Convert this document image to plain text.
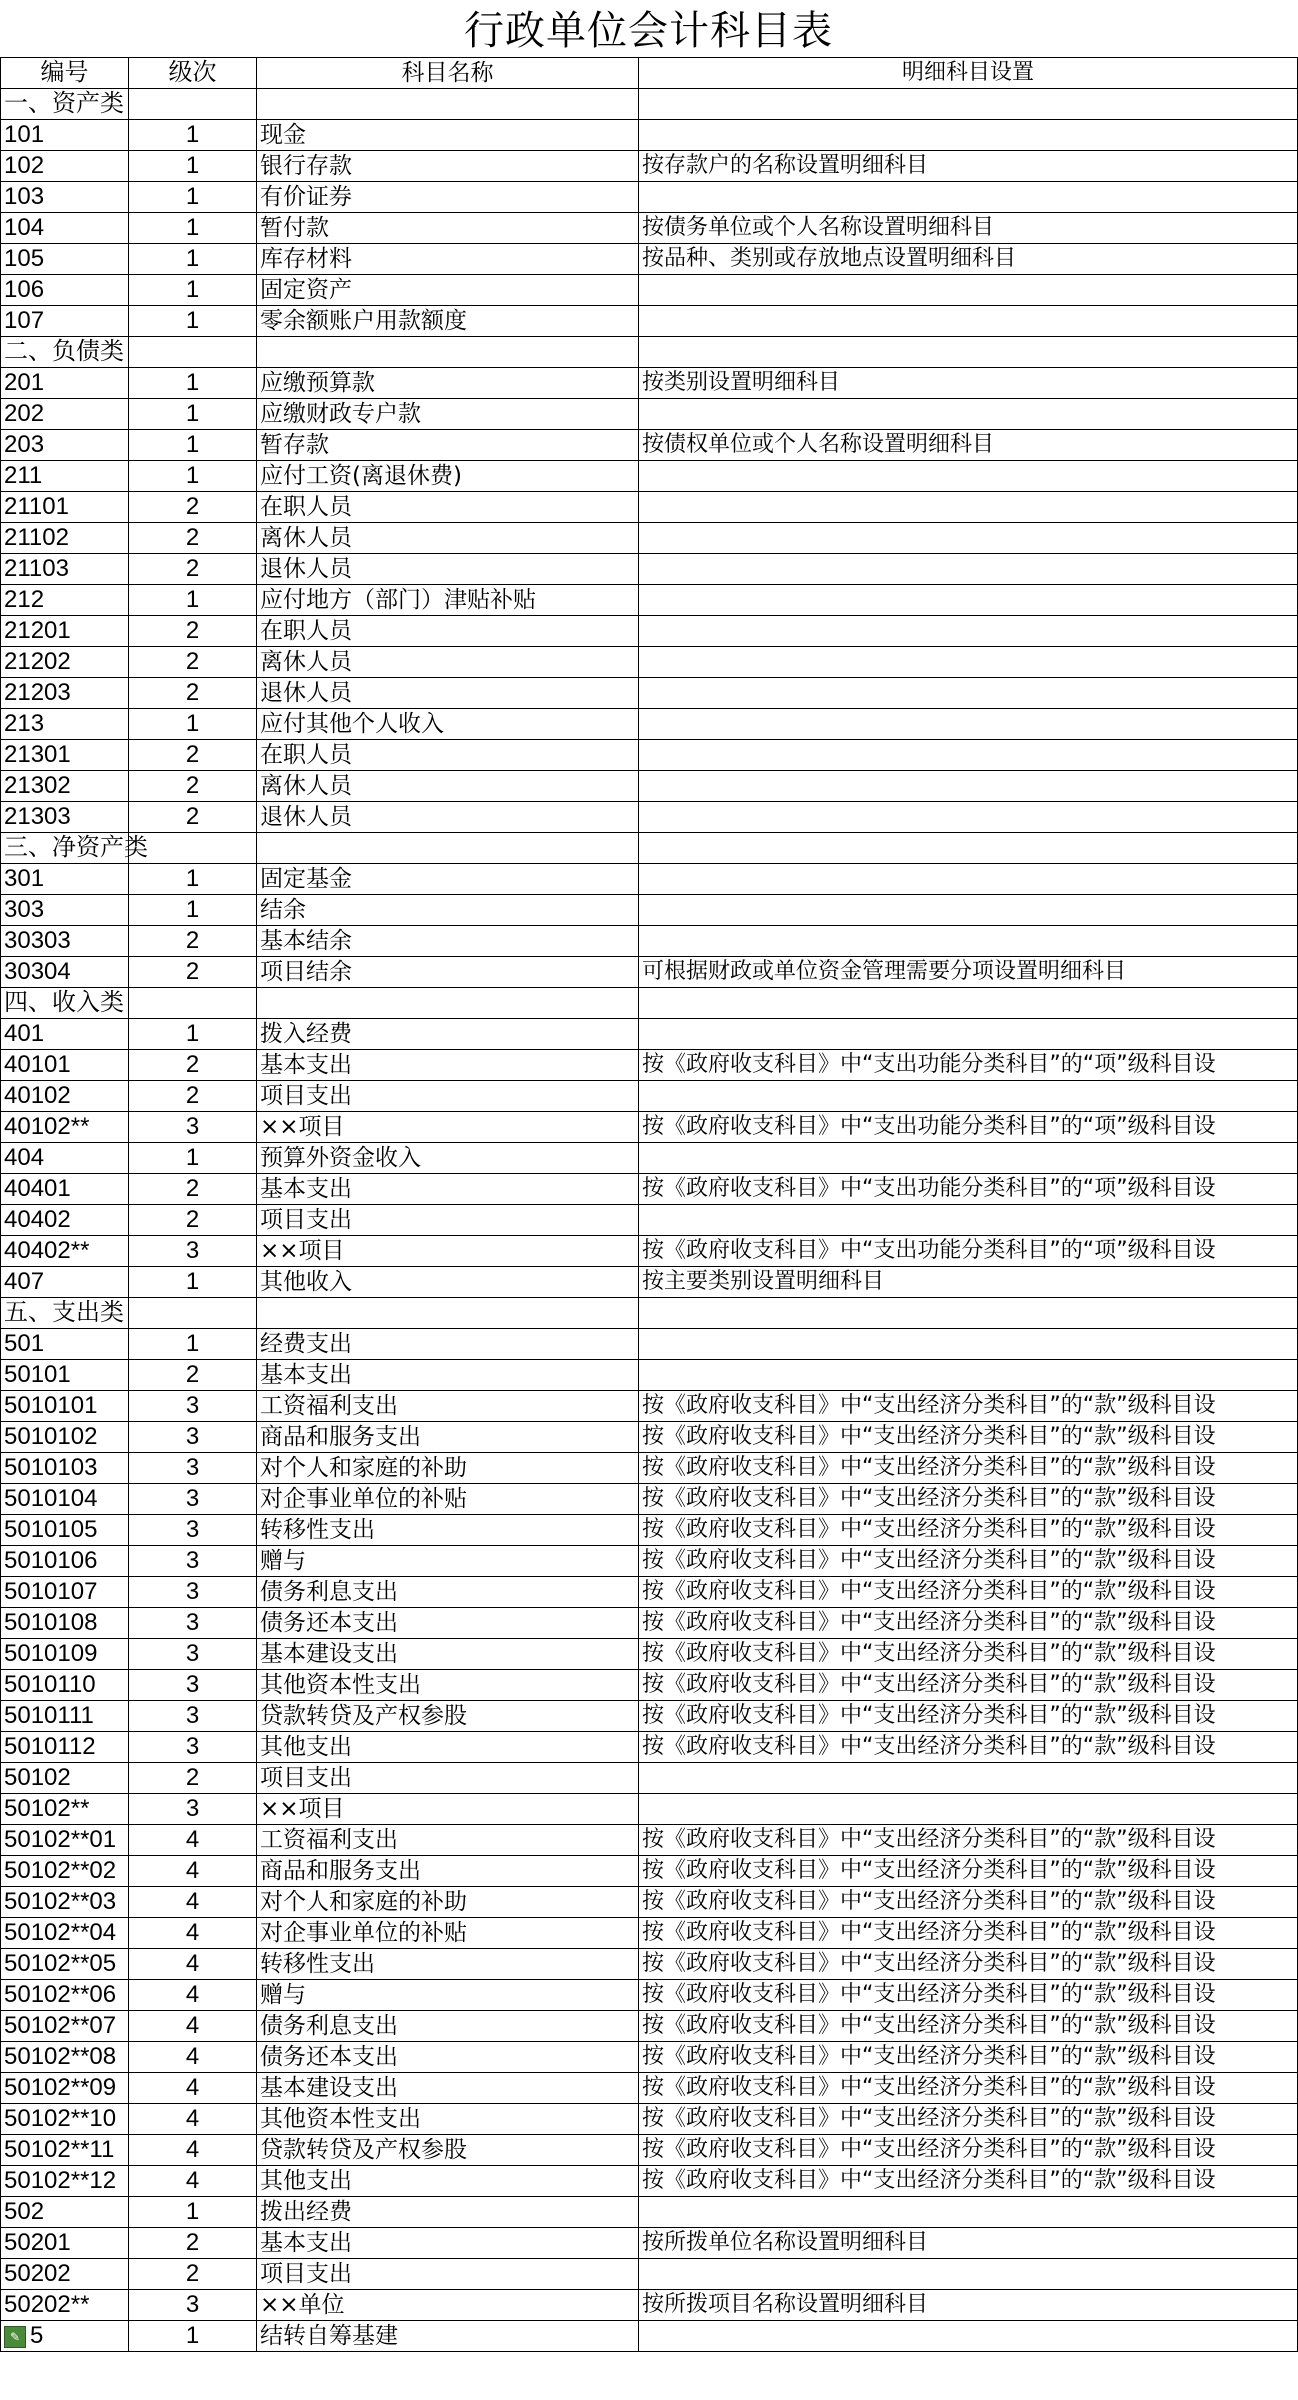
行政单位会计科目表
编号	级次	科目名称	明细科目设置
一、资产类			
101	1	现金	
102	1	银行存款	按存款户的名称设置明细科目
103	1	有价证券	
104	1	暂付款	按债务单位或个人名称设置明细科目
105	1	库存材料	按品种、类别或存放地点设置明细科目
106	1	固定资产	
107	1	零余额账户用款额度	
二、负债类			
201	1	应缴预算款	按类别设置明细科目
202	1	应缴财政专户款	
203	1	暂存款	按债权单位或个人名称设置明细科目
211	1	应付工资(离退休费)	
21101	2	在职人员	
21102	2	离休人员	
21103	2	退休人员	
212	1	应付地方（部门）津贴补贴	
21201	2	在职人员	
21202	2	离休人员	
21203	2	退休人员	
213	1	应付其他个人收入	
21301	2	在职人员	
21302	2	离休人员	
21303	2	退休人员	
三、净资产类			
301	1	固定基金	
303	1	结余	
30303	2	基本结余	
30304	2	项目结余	可根据财政或单位资金管理需要分项设置明细科目
四、收入类			
401	1	拨入经费	
40101	2	基本支出	按《政府收支科目》中“支出功能分类科目”的“项”级科目设
40102	2	项目支出	
40102**	3	××项目	按《政府收支科目》中“支出功能分类科目”的“项”级科目设
404	1	预算外资金收入	
40401	2	基本支出	按《政府收支科目》中“支出功能分类科目”的“项”级科目设
40402	2	项目支出	
40402**	3	××项目	按《政府收支科目》中“支出功能分类科目”的“项”级科目设
407	1	其他收入	按主要类别设置明细科目
五、支出类			
501	1	经费支出	
50101	2	基本支出	
5010101	3	工资福利支出	按《政府收支科目》中“支出经济分类科目”的“款”级科目设
5010102	3	商品和服务支出	按《政府收支科目》中“支出经济分类科目”的“款”级科目设
5010103	3	对个人和家庭的补助	按《政府收支科目》中“支出经济分类科目”的“款”级科目设
5010104	3	对企事业单位的补贴	按《政府收支科目》中“支出经济分类科目”的“款”级科目设
5010105	3	转移性支出	按《政府收支科目》中“支出经济分类科目”的“款”级科目设
5010106	3	赠与	按《政府收支科目》中“支出经济分类科目”的“款”级科目设
5010107	3	债务利息支出	按《政府收支科目》中“支出经济分类科目”的“款”级科目设
5010108	3	债务还本支出	按《政府收支科目》中“支出经济分类科目”的“款”级科目设
5010109	3	基本建设支出	按《政府收支科目》中“支出经济分类科目”的“款”级科目设
5010110	3	其他资本性支出	按《政府收支科目》中“支出经济分类科目”的“款”级科目设
5010111	3	贷款转贷及产权参股	按《政府收支科目》中“支出经济分类科目”的“款”级科目设
5010112	3	其他支出	按《政府收支科目》中“支出经济分类科目”的“款”级科目设
50102	2	项目支出	
50102**	3	××项目	
50102**01	4	工资福利支出	按《政府收支科目》中“支出经济分类科目”的“款”级科目设
50102**02	4	商品和服务支出	按《政府收支科目》中“支出经济分类科目”的“款”级科目设
50102**03	4	对个人和家庭的补助	按《政府收支科目》中“支出经济分类科目”的“款”级科目设
50102**04	4	对企事业单位的补贴	按《政府收支科目》中“支出经济分类科目”的“款”级科目设
50102**05	4	转移性支出	按《政府收支科目》中“支出经济分类科目”的“款”级科目设
50102**06	4	赠与	按《政府收支科目》中“支出经济分类科目”的“款”级科目设
50102**07	4	债务利息支出	按《政府收支科目》中“支出经济分类科目”的“款”级科目设
50102**08	4	债务还本支出	按《政府收支科目》中“支出经济分类科目”的“款”级科目设
50102**09	4	基本建设支出	按《政府收支科目》中“支出经济分类科目”的“款”级科目设
50102**10	4	其他资本性支出	按《政府收支科目》中“支出经济分类科目”的“款”级科目设
50102**11	4	贷款转贷及产权参股	按《政府收支科目》中“支出经济分类科目”的“款”级科目设
50102**12	4	其他支出	按《政府收支科目》中“支出经济分类科目”的“款”级科目设
502	1	拨出经费	
50201	2	基本支出	按所拨单位名称设置明细科目
50202	2	项目支出	
50202**	3	××单位	按所拨项目名称设置明细科目
✎ 5	1	结转自筹基建	
